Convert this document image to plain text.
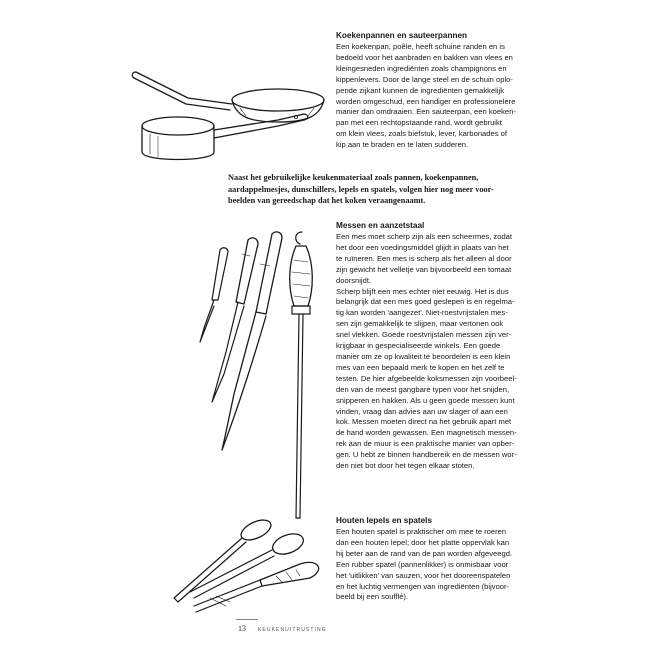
Koekenpannen en sauteerpannen

Een koekenpan, poêle, heeft schuine randen en is
bedoeld voor het aanbraden en bakken van vlees en
kleingesneden ingrediënten zoals champignons en
kippenlevers. Door de lange steel en de schuin oplo-
pende zijkant kunnen de ingrediënten gemakkelijk
worden omgeschud, een handiger en professionelere
manier dan omdraaien. Een sauteerpan, een koeken-
pan met een rechtopstaande rand, wordt gebruikt
om klein vlees, zoals biefstuk, lever, karbonades of
kip aan te braden en te laten sudderen.

Naast het gebruikelijke keukenmateriaal zoals pannen, koekenpannen,
aardappelmesjes, dunschillers, lepels en spatels, volgen hier nog meer voor-
beelden van gereedschap dat het koken veraangenaamt.

Messen en aanzetstaal

Een mes moet scherp zijn als een scheermes, zodat
het door een voedingsmiddel glijdt in plaats van het
te ruïneren. Een mes is scherp als het alleen al door
zijn gewicht het velletje van bijvoorbeeld een tomaat
doorsnijdt.
Scherp blijft een mes echter niet eeuwig. Het is dus
belangrijk dat een mes goed geslepen is en regelma-
tig kan worden 'aangezet'. Niet-roestvrijstalen mes-
sen zijn gemakkelijk te slijpen, maar vertonen ook
snel vlekken. Goede roestvrijstalen messen zijn ver-
krijgbaar in gespecialiseerde winkels. Een goede
manier om ze op kwaliteit te beoordelen is een klein
mes van een bepaald merk te kopen en het zelf te
testen. De hier afgebeelde koksmessen zijn voorbeel-
den van de meest gangbare typen voor het snijden,
snipperen en hakken. Als u geen goede messen kunt
vinden, vraag dan advies aan uw slager of aan een
kok. Messen moeten direct na het gebruik apart met
de hand worden gewassen. Een magnetisch messen-
rek aan de muur is een praktische manier van opber-
gen. U hebt ze binnen handbereik en de messen wor-
den niet bot door het tegen elkaar stoten.

Houten lepels en spatels

Een houten spatel is praktischer om mee te roeren
dan een houten lepel; door het platte oppervlak kan
hij beter aan de rand van de pan worden afgeveegd.
Een rubber spatel (pannenlikker) is onmisbaar voor
het 'uitlikken' van sauzen, voor het dooreenspatelen
en het luchtig vermengen van ingrediënten (bijvoor-
beeld bij een soufflé).

13 KEUKENUITRUSTING
